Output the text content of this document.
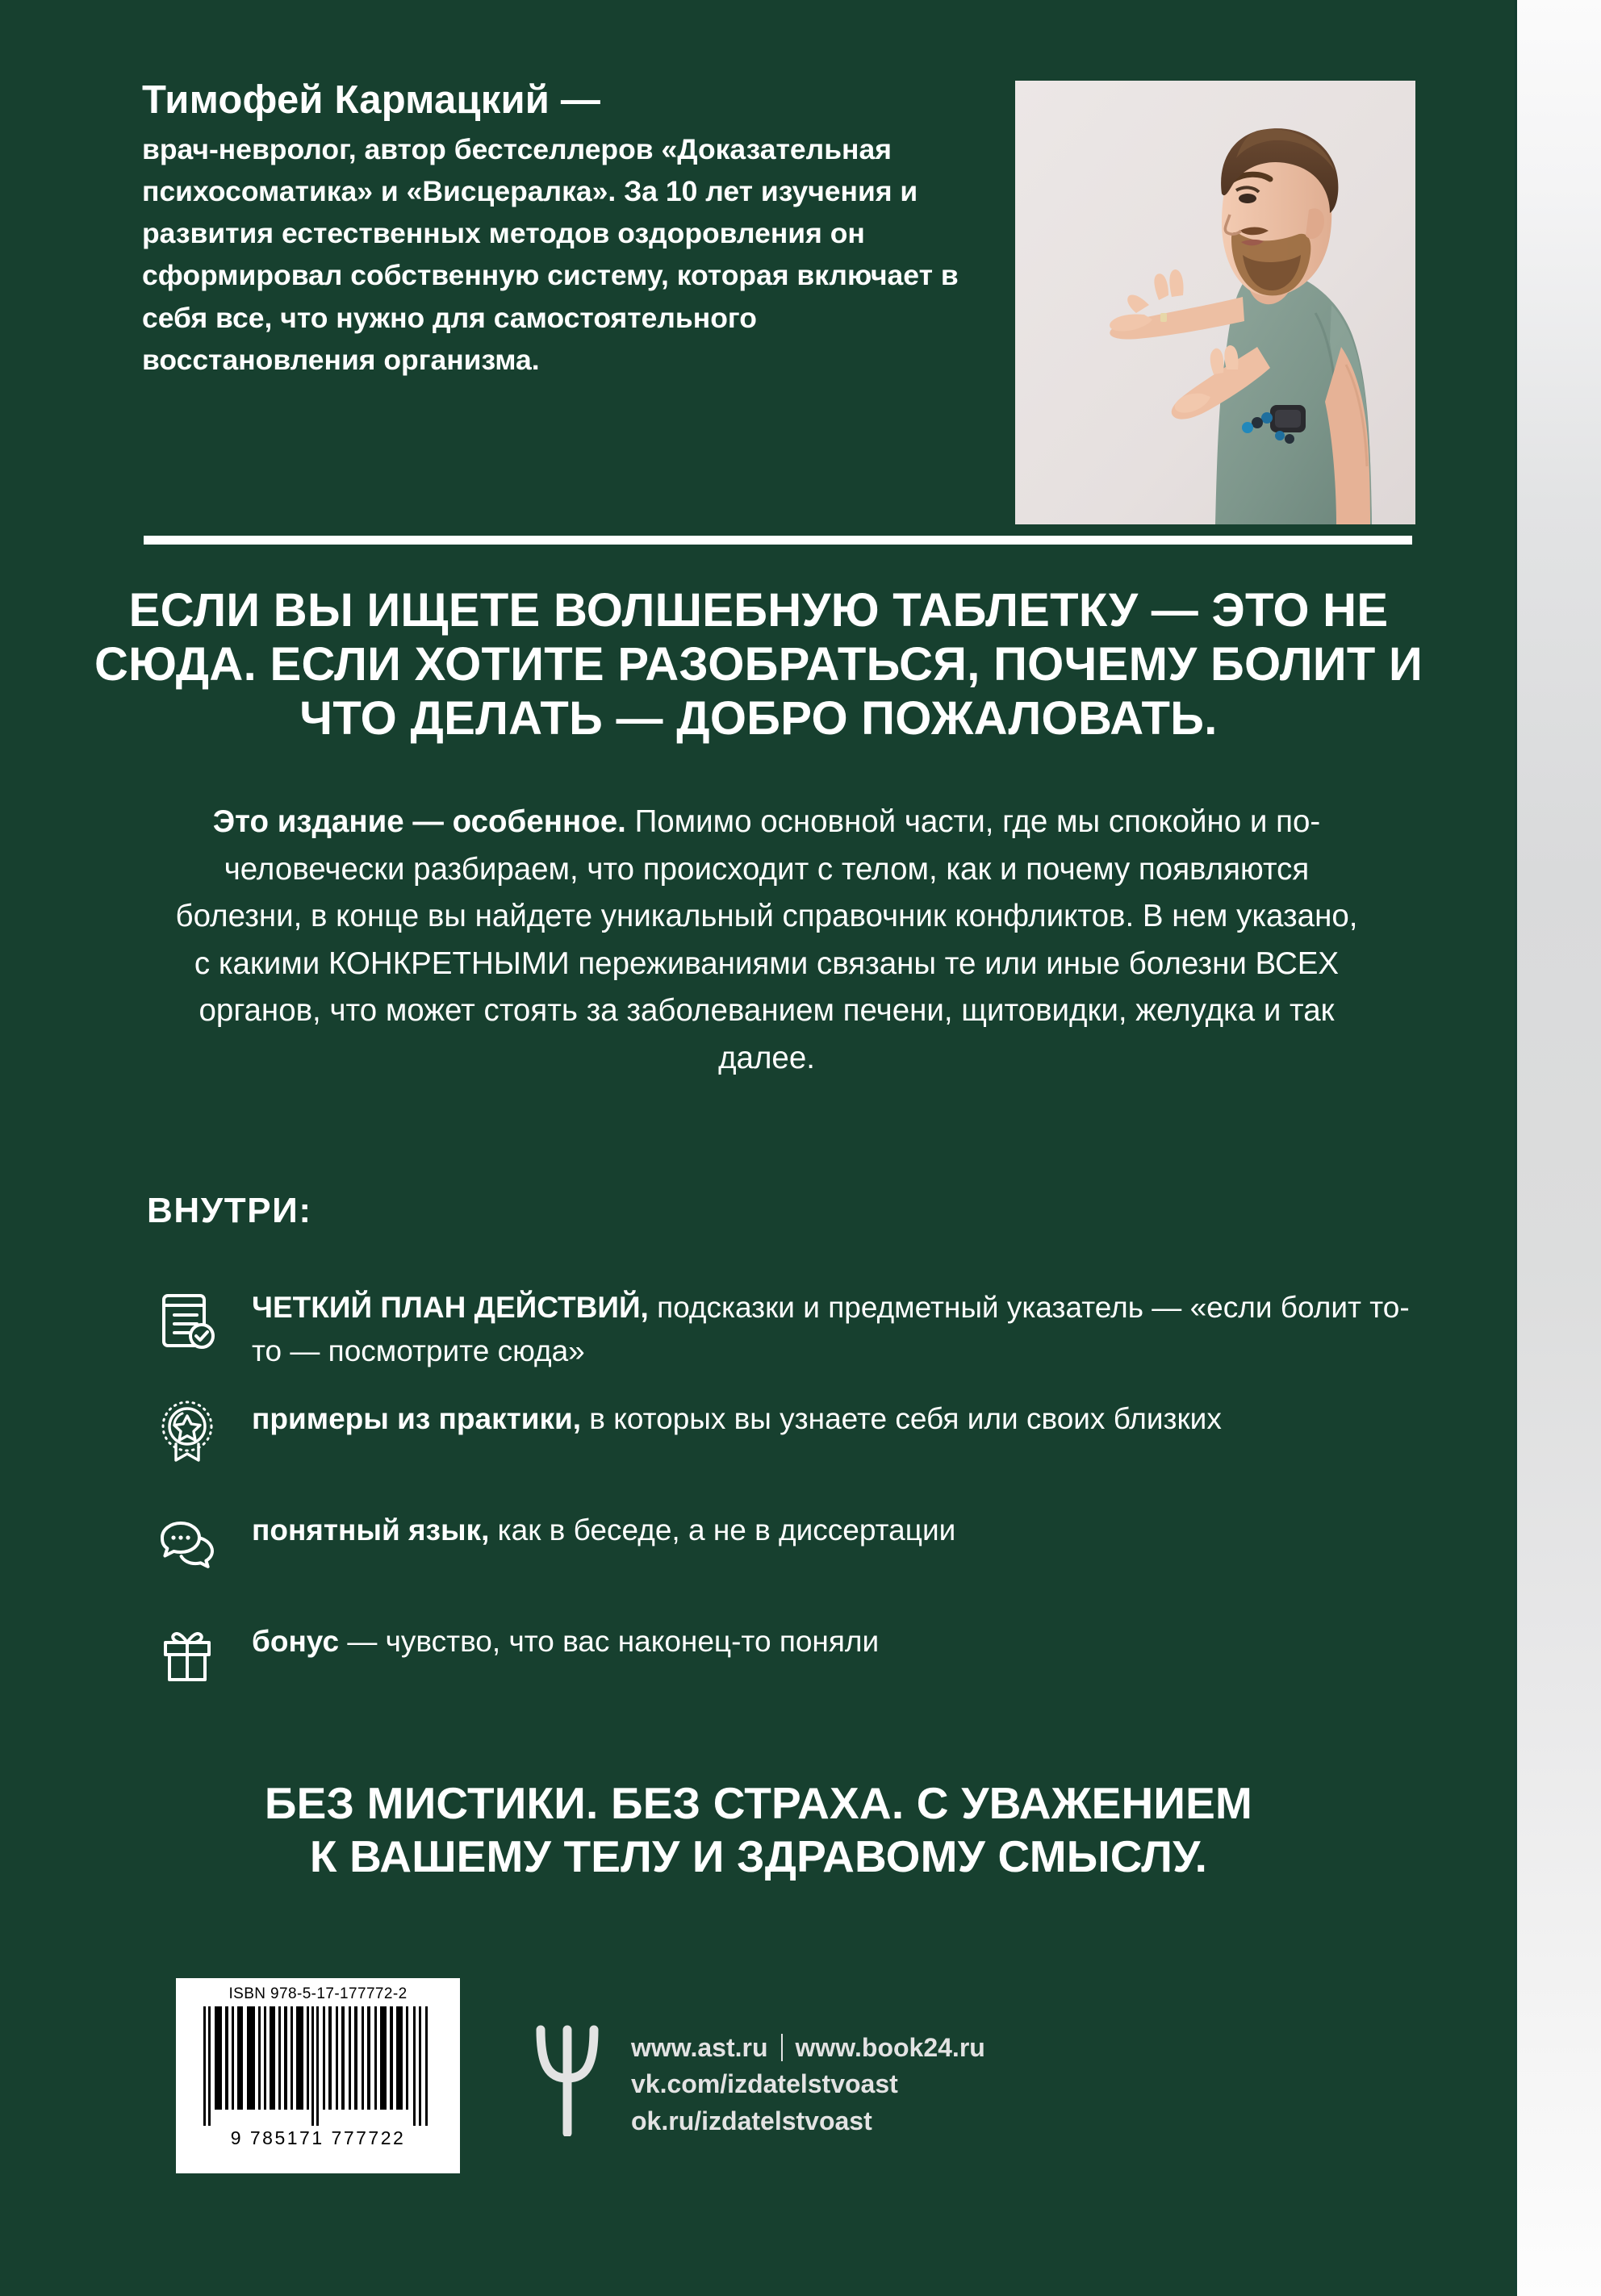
Тимофей Кармацкий —

врач-невролог, автор бестселлеров «Доказательная психосоматика» и «Висцералка». За 10 лет изучения и развития естественных методов оздоровления он сформировал собственную систему, которая включает в себя все, что нужно для самостоятельного восстановления организма.

ЕСЛИ ВЫ ИЩЕТЕ ВОЛШЕБНУЮ ТАБЛЕТКУ — ЭТО НЕ СЮДА. ЕСЛИ ХОТИТЕ РАЗОБРАТЬСЯ, ПОЧЕМУ БОЛИТ И ЧТО ДЕЛАТЬ — ДОБРО ПОЖАЛОВАТЬ.
Это издание — особенное. Помимо основной части, где мы спокойно и по-человечески разбираем, что происходит с телом, как и почему появляются болезни, в конце вы найдете уникальный справочник конфликтов. В нем указано, с какими КОНКРЕТНЫМИ переживаниями связаны те или иные болезни ВСЕХ органов, что может стоять за заболеванием печени, щитовидки, желудка и так далее.
ВНУТРИ:
ЧЕТКИЙ ПЛАН ДЕЙСТВИЙ, подсказки и предметный указатель — «если болит то-то — посмотрите сюда»
примеры из практики, в которых вы узнаете себя или своих близких
понятный язык, как в беседе, а не в диссертации
бонус — чувство, что вас наконец-то поняли
БЕЗ МИСТИКИ. БЕЗ СТРАХА. С УВАЖЕНИЕМ
К ВАШЕМУ ТЕЛУ И ЗДРАВОМУ СМЫСЛУ.
ISBN 978-5-17-177772-2
9 785171 777722
www.ast.ru www.book24.ru
vk.com/izdatelstvoast
ok.ru/izdatelstvoast
